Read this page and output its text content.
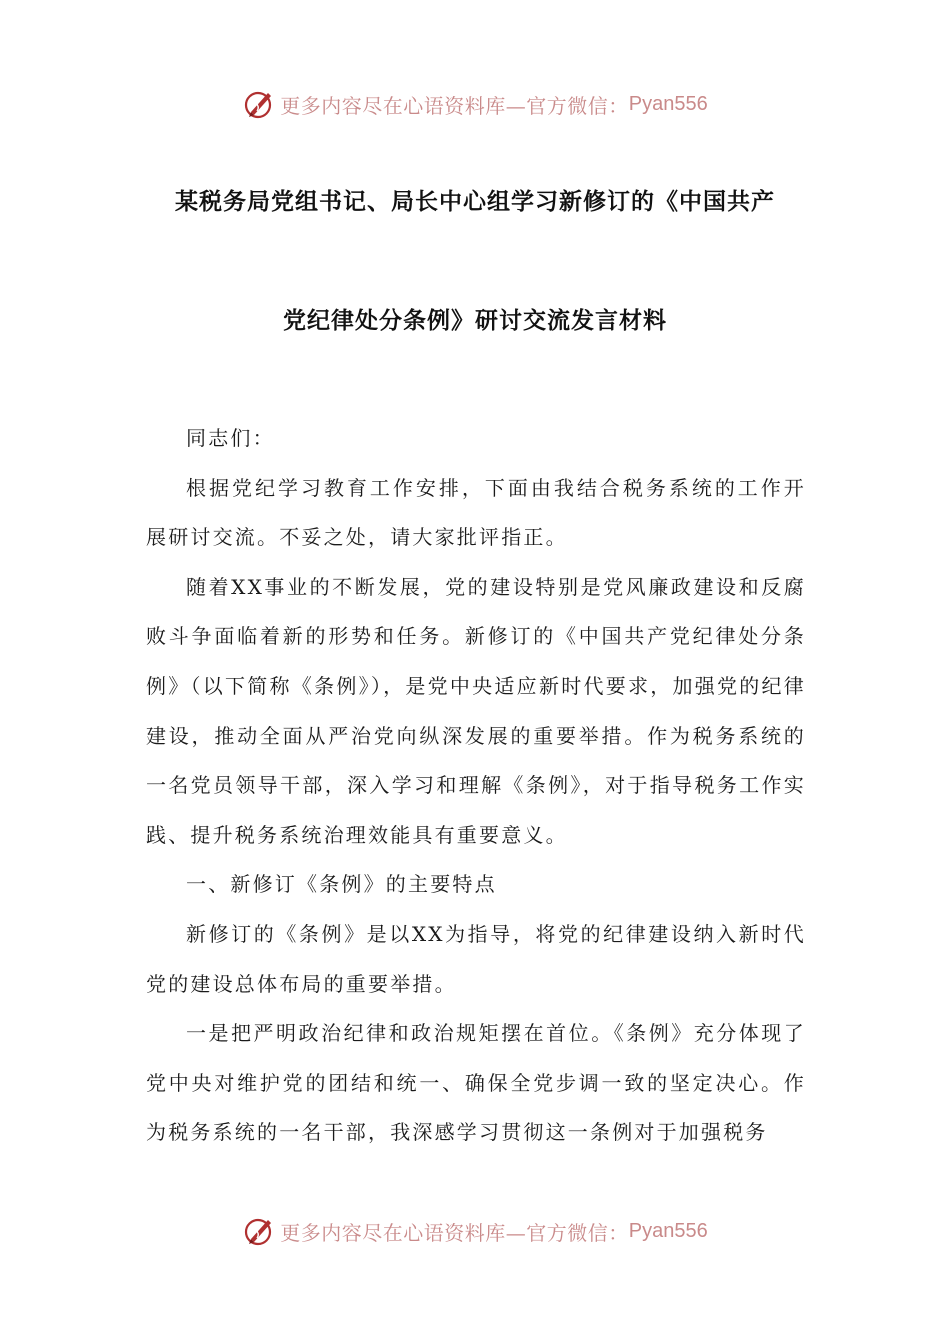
更多内容尽在心语资料库—官方微信： Pyan556
某税务局党组书记、局长中心组学习新修订的《中国共产
党纪律处分条例》研讨交流发言材料

同志们：

根据党纪学习教育工作安排，下面由我结合税务系统的工作开展研讨交流。不妥之处，请大家批评指正。

随着XX事业的不断发展，党的建设特别是党风廉政建设和反腐败斗争面临着新的形势和任务。新修订的《中国共产党纪律处分条例》（以下简称《条例》），是党中央适应新时代要求，加强党的纪律建设，推动全面从严治党向纵深发展的重要举措。作为税务系统的一名党员领导干部，深入学习和理解《条例》，对于指导税务工作实践、提升税务系统治理效能具有重要意义。

一、新修订《条例》的主要特点

新修订的《条例》是以XX为指导，将党的纪律建设纳入新时代党的建设总体布局的重要举措。

一是把严明政治纪律和政治规矩摆在首位。《条例》充分体现了党中央对维护党的团结和统一、确保全党步调一致的坚定决心。作为税务系统的一名干部，我深感学习贯彻这一条例对于加强税务

更多内容尽在心语资料库—官方微信： Pyan556
